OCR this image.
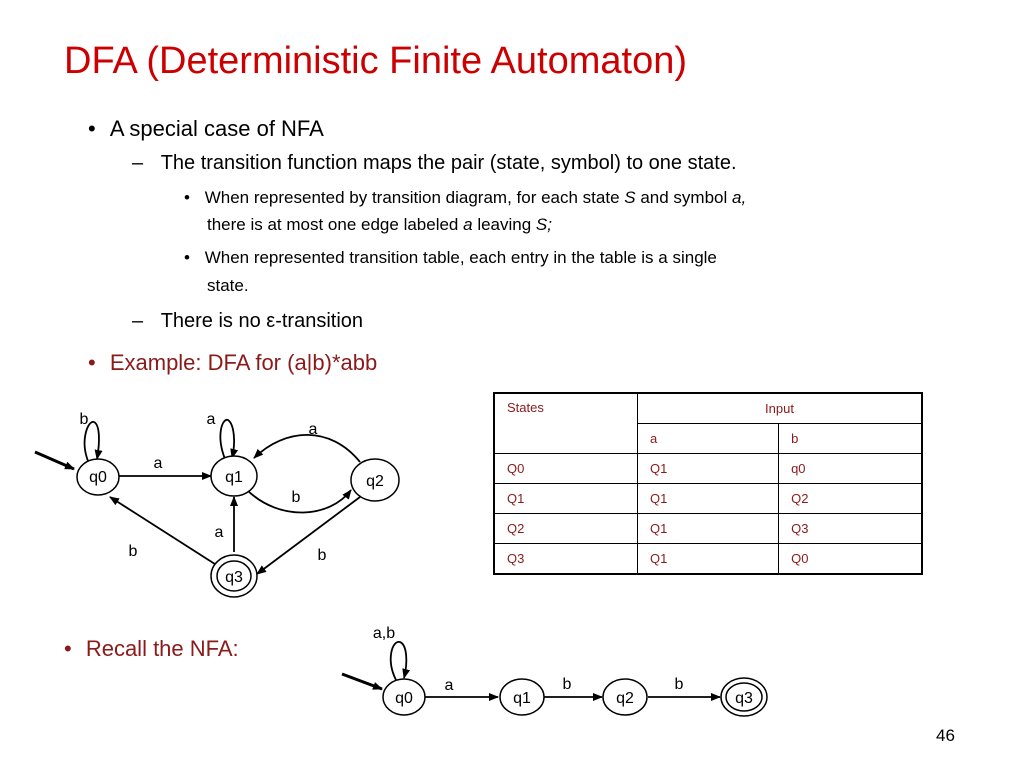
DFA (Deterministic Finite Automaton)
• A special case of NFA
– The transition function maps the pair (state, symbol) to one state.
• When represented by transition diagram, for each state S and symbol a,
there is at most one edge labeled a leaving S;
• When represented transition table, each entry in the table is a single
state.
– There is no ε-transition
• Example: DFA for (a|b)*abb
• Recall the NFA:
States	Input	
	a	b
Q0	Q1	q0
Q1	Q1	Q2
Q2	Q1	Q3
Q3	Q1	Q0
q0	q1	q2
q3
b	a
a
a
b
a
b	b
q0	q1	q2	q3
a,b
a	b	b
46
